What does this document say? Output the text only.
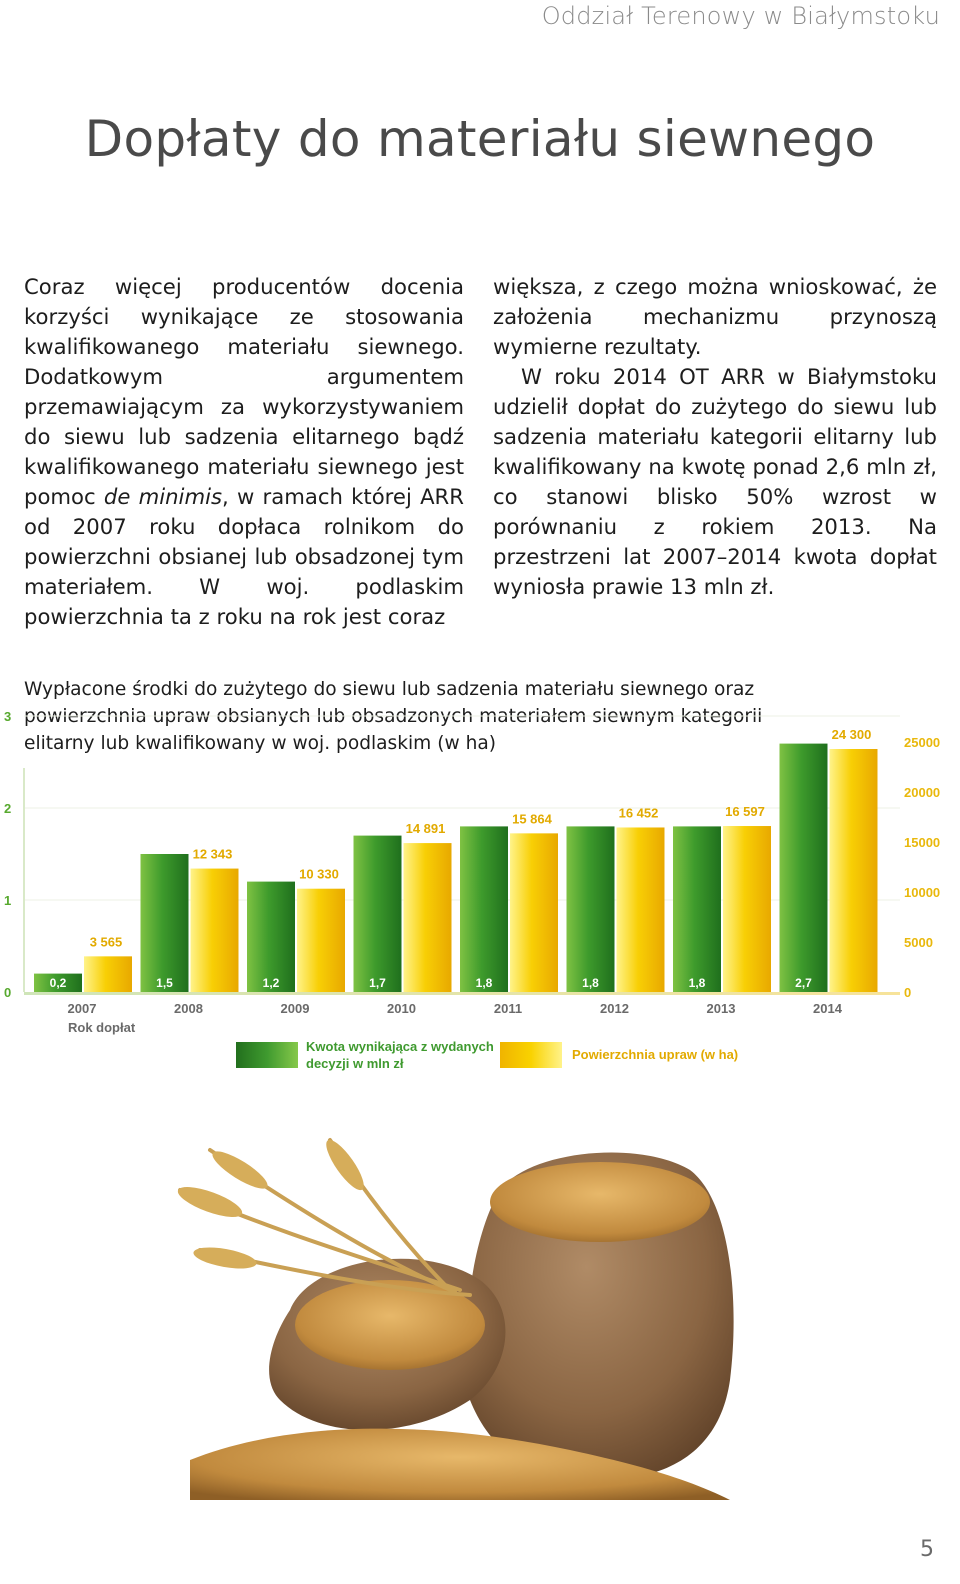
Oddział Terenowy w Białymstoku
Dopłaty do materiału siewnego

Coraz więcej producentów docenia korzyści wynikające ze stosowania kwalifikowanego materiału siewnego. Dodatkowym argumentem przemawiającym za wykorzystywaniem do siewu lub sadzenia elitarnego bądź kwalifikowanego materiału siewnego jest pomoc de minimis, w ramach której ARR od 2007 roku dopłaca rolnikom do powierzchni obsianej lub obsadzonej tym materiałem. W woj. podlaskim powierzchnia ta z roku na rok jest coraz

większa, z czego można wnioskować, że założenia mechanizmu przynoszą wymierne rezultaty.

W roku 2014 OT ARR w Białymstoku udzielił dopłat do zużytego do siewu lub sadzenia materiału kategorii elitarny lub kwalifikowany na kwotę ponad 2,6 mln zł, co stanowi blisko 50% wzrost w porównaniu z rokiem 2013. Na przestrzeni lat 2007–2014 kwota dopłat wyniosła prawie 13 mln zł.

Wypłacone środki do zużytego do siewu lub sadzenia materiału siewnego oraz powierzchnia upraw obsianych lub obsadzonych materiałem siewnym kategorii elitarny lub kwalifikowany w woj. podlaskim (w ha)
0,2
3 565
1,5
12 343
1,2
10 330
1,7
14 891
1,8
15 864
1,8
16 452
1,8
16 597
2,7
24 300
0
1
2
3
0
5000
10000
15000
20000
25000
2007	2008	2009	2010	2011	2012	2013	2014
Rok dopłat
Kwota wynikająca z wydanych
decyzji w mln zł
Powierzchnia upraw (w ha)
5
